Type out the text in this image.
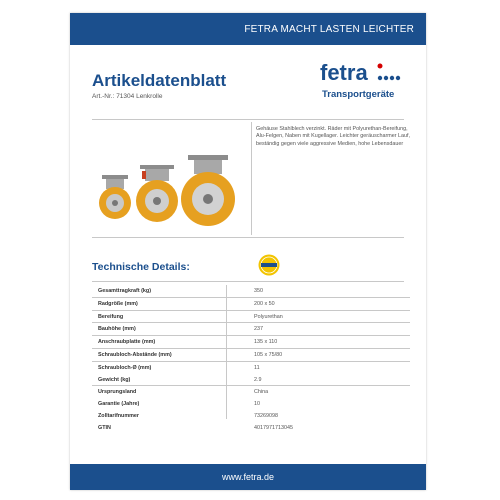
FETRA MACHT LASTEN LEICHTER
Artikeldatenblatt
Art.-Nr.: 71304 Lenkrolle
fetra
Transportgeräte
Gehäuse Stahlblech verzinkt. Räder mit Polyurethan-Bereifung, Alu-Felgen, Naben mit Kugellager. Leichter geräuscharmer Lauf, beständig gegen viele aggressive Medien, hohe Lebensdauer
Technische Details:
Gesamttragkraft (kg)	350
Radgröße (mm)	200 x 50
Bereifung	Polyurethan
Bauhöhe (mm)	237
Anschraubplatte (mm)	135 x 110
Schraubloch-Abstände (mm)	105 x 75/80
Schraubloch-Ø (mm)	11
Gewicht (kg)	2.9
Ursprungsland	China
Garantie (Jahre)	10
Zolltarifnummer	73269098
GTIN	4017971713045
www.fetra.de
